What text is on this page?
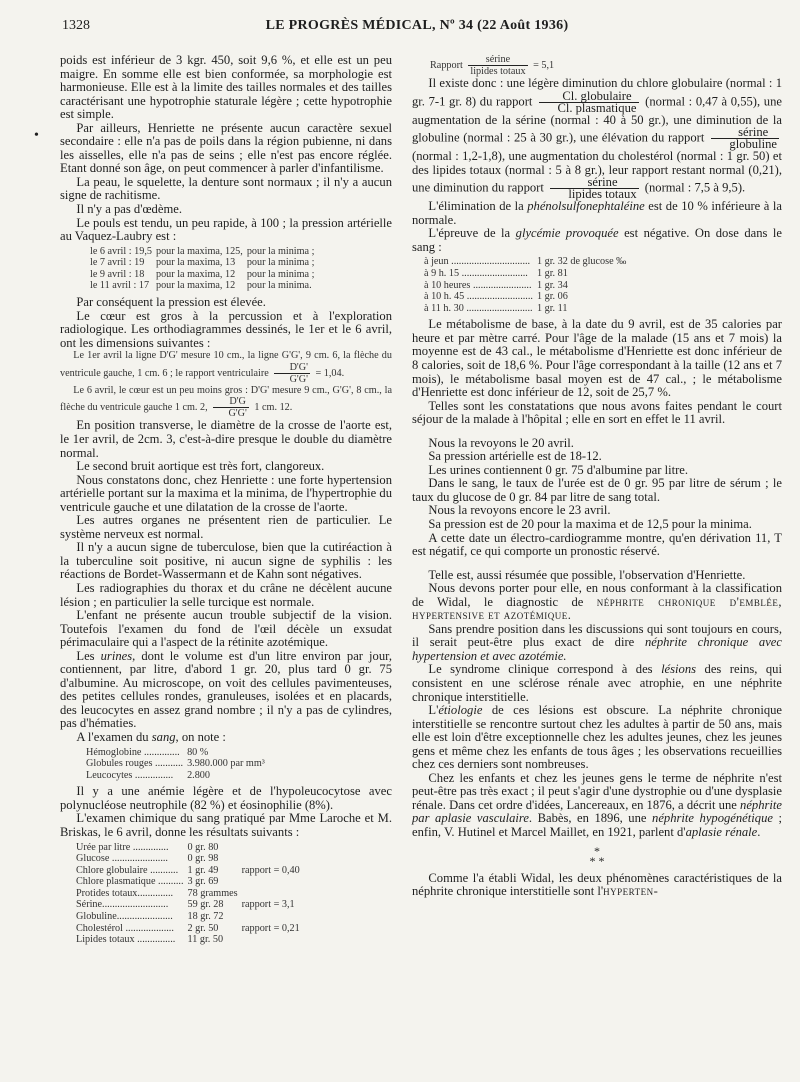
1328	LE PROGRÈS MÉDICAL, Nº 34 (22 Août 1936)
•

poids est inférieur de 3 kgr. 450, soit 9,6 %, et elle est un peu maigre. En somme elle est bien conformée, sa morphologie est harmonieuse. Elle est à la limite des tailles normales et des tailles caractérisant une hypotrophie staturale légère ; cette hypotrophie est simple.

Par ailleurs, Henriette ne présente aucun caractère sexuel secondaire : elle n'a pas de poils dans la région pubienne, ni dans les aisselles, elle n'a pas de seins ; elle n'est pas encore réglée. Etant donné son âge, on peut commencer à parler d'infantilisme.

La peau, le squelette, la denture sont normaux ; il n'y a aucun signe de rachitisme.

Il n'y a pas d'œdème.

Le pouls est tendu, un peu rapide, à 100 ; la pression artérielle au Vaquez-Laubry est :

le 6 avril : 19,5	pour la maxima, 125,	pour la minima ;
le 7 avril : 19	pour la maxima, 13	pour la minima ;
le 9 avril : 18	pour la maxima, 12	pour la minima ;
le 11 avril : 17	pour la maxima, 12	pour la minima.

Par conséquent la pression est élevée.

Le cœur est gros à la percussion et à l'exploration radiologique. Les orthodiagrammes dessinés, le 1er et le 6 avril, ont les dimensions suivantes :

Le 1er avril la ligne D'G' mesure 10 cm., la ligne G'G', 9 cm. 6, la flèche du ventricule gauche, 1 cm. 6 ; le rapport ventriculaire $\frac{D'G'}{G'G'} = 1,04$.

Le 6 avril, le cœur est un peu moins gros : D'G' mesure 9 cm., G'G', 8 cm., la flèche du ventricule gauche 1 cm. 2, $\frac{D'G}{G'G'} 1$ cm. 12.

En position transverse, le diamètre de la crosse de l'aorte est, le 1er avril, de 2cm. 3, c'est-à-dire presque le double du diamètre normal.

Le second bruit aortique est très fort, clangoreux.

Nous constatons donc, chez Henriette : une forte hypertension artérielle portant sur la maxima et la minima, de l'hypertrophie du ventricule gauche et une dilatation de la crosse de l'aorte.

Les autres organes ne présentent rien de particulier. Le système nerveux est normal.

Il n'y a aucun signe de tuberculose, bien que la cutiréaction à la tuberculine soit positive, ni aucun signe de syphilis : les réactions de Bordet-Wassermann et de Kahn sont négatives.

Les radiographies du thorax et du crâne ne décèlent aucune lésion ; en particulier la selle turcique est normale.

L'enfant ne présente aucun trouble subjectif de la vision. Toutefois l'examen du fond de l'œil décèle un exsudat périmaculaire qui a l'aspect de la rétinite azotémique.

Les urines, dont le volume est d'un litre environ par jour, contiennent, par litre, d'abord 1 gr. 20, plus tard 0 gr. 75 d'albumine. Au microscope, on voit des cellules pavimenteuses, des petites cellules rondes, granuleuses, isolées et en placards, des leucocytes en assez grand nombre ; il n'y a pas de cylindres, pas d'hématies.

A l'examen du sang, on note :

Hémoglobine ..............	80 %
Globules rouges ...........	3.980.000 par mm³
Leucocytes ...............	2.800

Il y a une anémie légère et de l'hypoleucocytose avec polynucléose neutrophile (82 %) et éosinophilie (8%).

L'examen chimique du sang pratiqué par Mme Laroche et M. Briskas, le 6 avril, donne les résultats suivants :

Urée par litre ..............	0 gr. 80	
Glucose ......................	0 gr. 98	
Chlore globulaire ...........	1 gr. 49	rapport = 0,40
Chlore plasmatique ..........	3 gr. 69	
Protides totaux..............	78 grammes	
Sérine..........................	59 gr. 28	rapport = 3,1
Globuline......................	18 gr. 72	
Cholestérol ...................	2 gr. 50	rapport = 0,21
Lipides totaux ...............	11 gr. 50	

Rapport $\frac{\text{sérine}}{\text{lipides totaux}} = 5,1$

Il existe donc : une légère diminution du chlore globulaire (normal : 1 gr. 7-1 gr. 8) du rapport $\frac{\text{Cl. globulaire}}{\text{Cl. plasmatique}}$ (normal : 0,47 à 0,55), une augmentation de la sérine (normal : 40 à 50 gr.), une diminution de la globuline (normal : 25 à 30 gr.), une élévation du rapport $\frac{\text{sérine}}{\text{globuline}}$
(normal : 1,2-1,8), une augmentation du cholestérol (normal : 1 gr. 50) et des lipides totaux (normal : 5 à 8 gr.), leur rapport restant normal (0,21), une diminution du rapport $\frac{\text{sérine}}{\text{lipides totaux}}$ (normal : 7,5 à 9,5).

L'élimination de la phénolsulfonephtaléine est de 10 % inférieure à la normale.

L'épreuve de la glycémie provoquée est négative. On dose dans le sang :

à jeun ...............................	1 gr. 32 de glucose ‰
à 9 h. 15 ..........................	1 gr. 81
à 10 heures .......................	1 gr. 34
à 10 h. 45 ..........................	1 gr. 06
à 11 h. 30 ..........................	1 gr. 11

Le métabolisme de base, à la date du 9 avril, est de 35 calories par heure et par mètre carré. Pour l'âge de la malade (15 ans et 7 mois) la moyenne est de 43 cal., le métabolisme d'Henriette est donc inférieur de 8 calories, soit de 18,6 %. Pour l'âge correspondant à la taille (12 ans et 7 mois), le métabolisme basal moyen est de 47 cal., ; le métabolisme d'Henriette est donc inférieur de 12, soit de 25,7 %.

Telles sont les constatations que nous avons faites pendant le court séjour de la malade à l'hôpital ; elle en sort en effet le 11 avril.

Nous la revoyons le 20 avril.

Sa pression artérielle est de 18-12.

Les urines contiennent 0 gr. 75 d'albumine par litre.

Dans le sang, le taux de l'urée est de 0 gr. 95 par litre de sérum ; le taux du glucose de 0 gr. 84 par litre de sang total.

Nous la revoyons encore le 23 avril.

Sa pression est de 20 pour la maxima et de 12,5 pour la minima.

A cette date un électro-cardiogramme montre, qu'en dérivation 11, T est négatif, ce qui comporte un pronostic réservé.

Telle est, aussi résumée que possible, l'observation d'Henriette.

Nous devons porter pour elle, en nous conformant à la classification de Widal, le diagnostic de néphrite chronique d'emblée, hypertensive et azotémique.

Sans prendre position dans les discussions qui sont toujours en cours, il serait peut-être plus exact de dire néphrite chronique avec hypertension et avec azotémie.

Le syndrome clinique correspond à des lésions des reins, qui consistent en une sclérose rénale avec atrophie, en une néphrite chronique interstitielle.

L'étiologie de ces lésions est obscure. La néphrite chronique interstitielle se rencontre surtout chez les adultes à partir de 50 ans, mais elle est loin d'être exceptionnelle chez les adultes jeunes, chez les jeunes gens et même chez les enfants de tous âges ; les observations recueillies chez ces derniers sont nombreuses.

Chez les enfants et chez les jeunes gens le terme de néphrite n'est peut-être pas très exact ; il peut s'agir d'une dystrophie ou d'une dysplasie rénale. Dans cet ordre d'idées, Lancereaux, en 1876, a décrit une néphrite par aplasie vasculaire. Babès, en 1896, une néphrite hypogénétique ; enfin, V. Hutinel et Marcel Maillet, en 1921, parlent d'aplasie rénale.

*
* *

Comme l'a établi Widal, les deux phénomènes caractéristiques de la néphrite chronique interstitielle sont l'hyperten-
